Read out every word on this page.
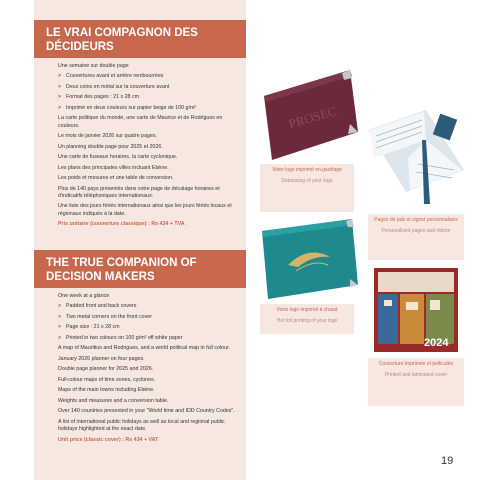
LE VRAI COMPAGNON DES
DÉCIDEURS

Une semaine sur double page

> Couvertures avant et arrière rembourrées

> Deux coins en métal sur la couverture avant

> Format des pages : 21 x 28 cm

> Imprimé en deux couleurs sur papier beige de 100 g/m²

La carte politique du monde, une carte de Maurice et de Rodrigues en couleurs.

Le mois de janvier 2026 sur quatre pages.

Un planning double page pour 2025 et 2026.

Une carte de fuseaux horaires, la carte cyclonique.

Les plans des principales villes incluant Ebène.

Les poids et mesures et une table de conversion.

Plus de 140 pays présentés dans votre page de décalage horaires et d'indicatifs téléphoniques internationaux.

Une liste des jours fériés internationaux ainsi que les jours fériés locaux et régionaux indiqués à la date.

Prix unitaire (couverture classique) : Rs 434 + TVA

THE TRUE COMPANION OF
DECISION MAKERS

One week at a glance

> Padded front and back covers

> Two metal corners on the front cover

> Page size : 21 x 28 cm

> Printed in two colours on 100 g/m² off white paper

A map of Mauritius and Rodrigues, and a world political map in full colour.

January 2026 planner on four pages.

Double page planner for 2025 and 2026.

Full-colour maps of time zones, cyclones.

Maps of the main towns including Ebène.

Weights and measures and a conversion table.

Over 140 countries presented in your "World time and IDD Country Codes".

A list of international public holidays as well as local and regional public holidays highlighted at the exact date.

Unit price (classic cover) : Rs 434 + VAT

PROSEC
Votre logo imprimé en gaufrage
Debossing of your logo
Votre logo imprimé à chaud
Hot foil printing of your logo
Pages de pub et signet personnalisés
Personalised pages and ribbon
2024
Couverture imprimée et pelliculée
Printed and laminated cover
19
